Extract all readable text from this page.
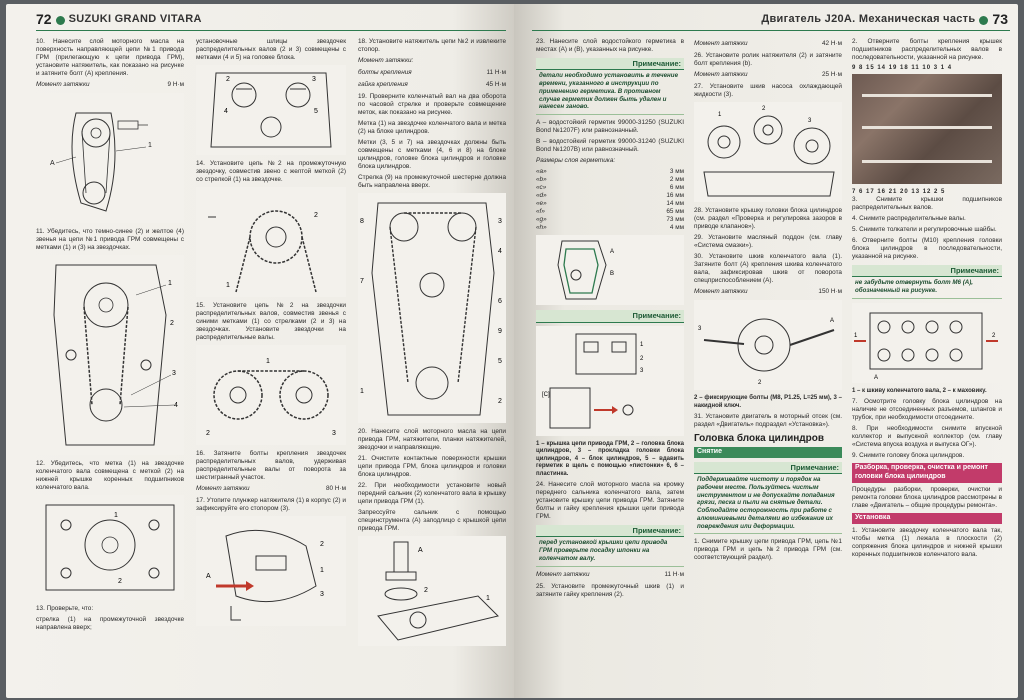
72 SUZUKI GRAND VITARA

10. Нанесите слой моторного масла на поверхность направляющей цепи №1 привода ГРМ (прилегающую к цепи привода ГРМ), установите натяжитель, как показано на рисунке и затяните болт (A) крепления.

Момент затяжки	9 Н·м
A
1

11. Убедитесь, что темно-синее (2) и желтое (4) звенья на цепи №1 привода ГРМ совмещены с метками (1) и (3) на звездочках.

1
3
4
2

12. Убедитесь, что метка (1) на звездочке коленчатого вала совмещена с меткой (2) на нижней крышке коренных подшипников коленчатого вала.

1
2

13. Проверьте, что:

стрелка (1) на промежуточной звездочке направлена вверх;

установочные шлицы звездочек распределительных валов (2 и 3) совмещены с метками (4 и 5) на головке блока.

2	3
4	5

14. Установите цепь №2 на промежуточную звездочку, совместив звено с желтой меткой (2) со стрелкой (1) на звездочке.

1
2

15. Установите цепь №2 на звездочки распределительных валов, совместив звенья с синими метками (1) со стрелками (2 и 3) на звездочках. Установите звездочки на распределительные валы.

1
2	3

16. Затяните болты крепления звездочек распределительных валов, удерживая распределительные валы от поворота за шестигранный участок.

Момент затяжки	80 Н·м

17. Утопите плунжер натяжителя (1) в корпус (2) и зафиксируйте его стопором (3).

A
2
1
3

18. Установите натяжитель цепи №2 и извлеките стопор.

Момент затяжки:
болты крепления	11 Н·м
гайка крепления	45 Н·м

19. Проверните коленчатый вал на два оборота по часовой стрелке и проверьте совмещение меток, как показано на рисунке.

Метка (1) на звездочке коленчатого вала и метка (2) на блоке цилиндров.

Метки (3, 5 и 7) на звездочках должны быть совмещены с метками (4, 6 и 8) на блоке цилиндров, головке блока цилиндров и головке блока цилиндров.

Стрелка (9) на промежуточной шестерне должна быть направлена вверх.

8	3
4
7
6
9
5
1
2

20. Нанесите слой моторного масла на цепи привода ГРМ, натяжители, планки натяжителей, звездочки и направляющие.

21. Очистите контактные поверхности крышки цепи привода ГРМ, блока цилиндров и головки блока цилиндров.

22. При необходимости установите новый передний сальник (2) коленчатого вала в крышку цепи привода ГРМ (1).

Запрессуйте сальник с помощью специнструмента (A) заподлицо с крышкой цепи привода ГРМ.

A
2
1
Двигатель J20A. Механическая часть 73

23. Нанесите слой водостойкого герметика в местах (A) и (B), указанных на рисунке.

Примечание:
детали необходимо установить в течение времени, указанного в инструкции по применению герметика. В противном случае герметик должен быть удален и нанесен заново.

A – водостойкий герметик 99000-31250 (SUZUKI Bond №1207F) или равнозначный.

B – водостойкий герметик 99000-31240 (SUZUKI Bond №1207B) или равнозначный.

Размеры слоя герметика:

«a»	3 мм
«b»	2 мм
«c»	6 мм
«d»	16 мм
«e»	14 мм
«f»	65 мм
«g»	73 мм
«h»	4 мм
A
B
Примечание:
[C]
1
2
3

1 – крышка цепи привода ГРМ, 2 – головка блока цилиндров, 3 – прокладка головки блока цилиндров, 4 – блок цилиндров, 5 – вдавить герметик в щель с помощью «пистонки» 6, 6 – пластинка.

24. Нанесите слой моторного масла на кромку переднего сальника коленчатого вала, затем установите крышку цепи привода ГРМ. Затяните болты и гайку крепления крышки цепи привода ГРМ.

Примечание:
перед установкой крышки цепи привода ГРМ проверьте посадку шпонки на коленчатом валу.
Момент затяжки	11 Н·м

25. Установите промежуточный шкив (1) и затяните гайку крепления (2).

Момент затяжки	42 Н·м

26. Установите ролик натяжителя (2) и затяните болт крепления (b).

Момент затяжки	25 Н·м

27. Установите шкив насоса охлаждающей жидкости (3).

1
2
3

28. Установите крышку головки блока цилиндров (см. раздел «Проверка и регулировка зазоров в приводе клапанов»).

29. Установите масляный поддон (см. главу «Система смазки»).

30. Установите шкив коленчатого вала (1). Затяните болт (A) крепления шкива коленчатого вала, зафиксировав шкив от поворота спецприспособлением (A).

Момент затяжки	150 Н·м
3
A
2

2 – фиксирующие болты (M8, P1.25, L=25 мм), 3 – накидной ключ.

31. Установите двигатель в моторный отсек (см. раздел «Двигатель» подраздел «Установка»).

Головка блока цилиндров
Снятие
Примечание:
Поддерживайте чистоту и порядок на рабочем месте. Пользуйтесь чистым инструментом и не допускайте попадания грязи, песка и пыли на снятые детали.
Соблюдайте осторожность при работе с алюминиевыми деталями во избежание их повреждения или деформации.

1. Снимите крышку цепи привода ГРМ, цепь №1 привода ГРМ и цепь №2 привода ГРМ (см. соответствующий раздел).

2. Отверните болты крепления крышек подшипников распределительных валов в последовательности, указанной на рисунке.

9 8 15 14 19 18 11 10 3 1 4
7 6 17 16 21 20 13 12 2 5

3. Снимите крышки подшипников распределительных валов.

4. Снимите распределительные валы.

5. Снимите толкатели и регулировочные шайбы.

6. Отверните болты (M10) крепления головки блока цилиндров в последовательности, указанной на рисунке.

Примечание:
не забудьте отвернуть болт M6 (A), обозначенный на рисунке.
1	2
A

1 – к шкиву коленчатого вала, 2 – к маховику.

7. Осмотрите головку блока цилиндров на наличие не отсоединенных разъемов, шлангов и трубок, при необходимости отсоедините.

8. При необходимости снимите впускной коллектор и выпускной коллектор (см. главу «Система впуска воздуха и выпуска ОГ»).

9. Снимите головку блока цилиндров.

Разборка, проверка, очистка и ремонт головки блока цилиндров

Процедуры разборки, проверки, очистки и ремонта головки блока цилиндров рассмотрены в главе «Двигатель – общие процедуры ремонта».

Установка

1. Установите звездочку коленчатого вала так, чтобы метка (1) лежала в плоскости (2) сопряжения блока цилиндров и нижней крышки коренных подшипников коленчатого вала.
